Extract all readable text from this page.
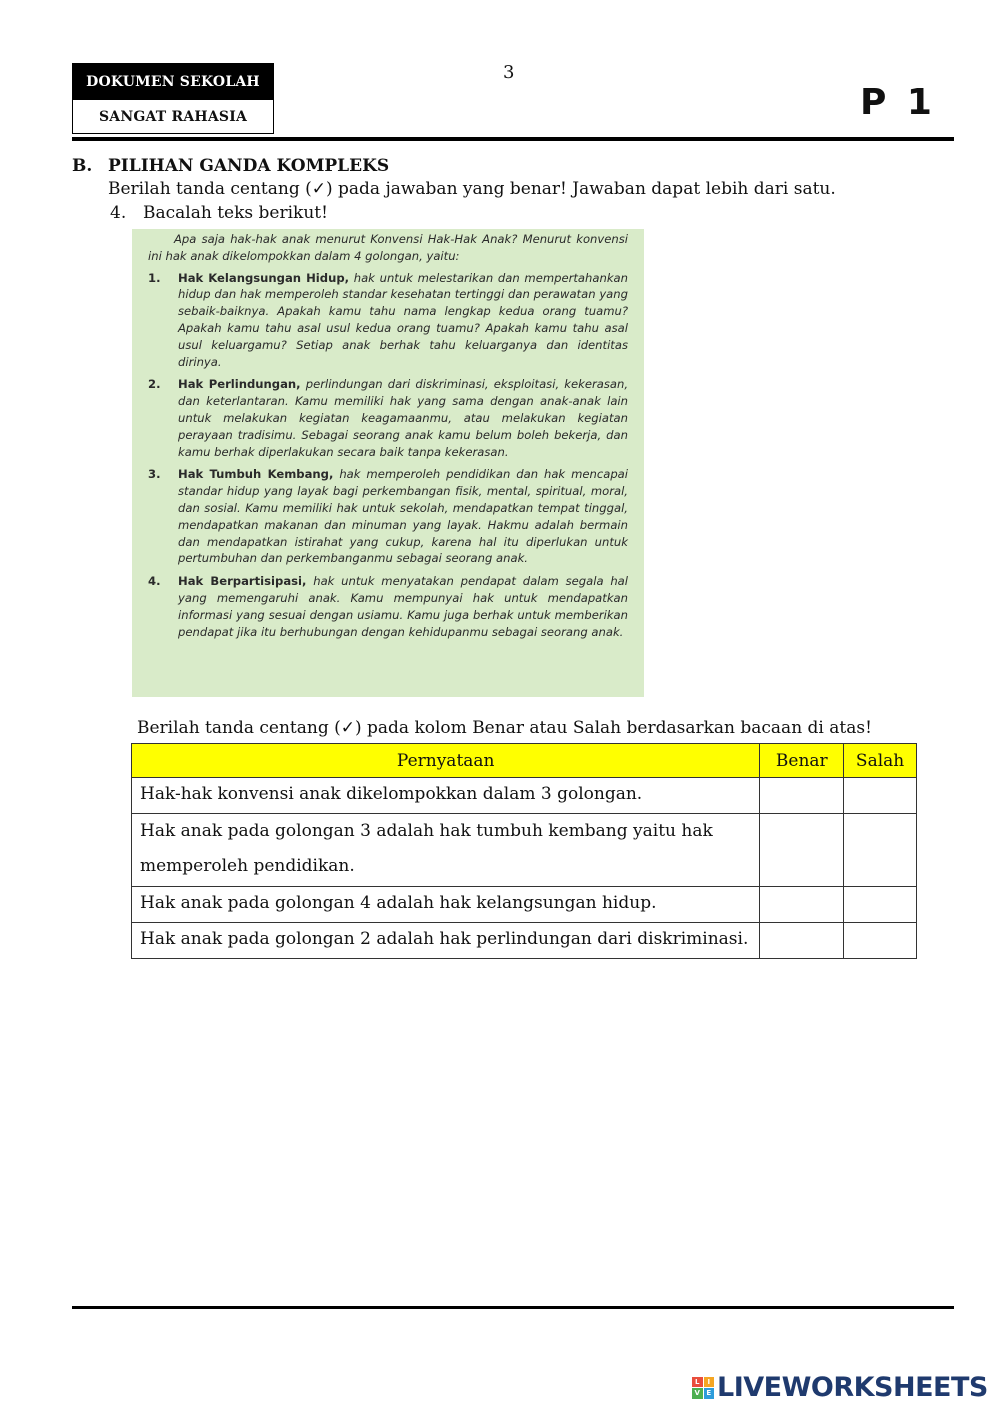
DOKUMEN SEKOLAH
SANGAT RAHASIA
3
P 1
B. PILIHAN GANDA KOMPLEKS
Berilah tanda centang (✓) pada jawaban yang benar! Jawaban dapat lebih dari satu.
4. Bacalah teks berikut!

Apa saja hak-hak anak menurut Konvensi Hak-Hak Anak? Menurut konvensi ini hak anak dikelompokkan dalam 4 golongan, yaitu:

1.	Hak Kelangsungan Hidup, hak untuk melestarikan dan mempertahankan hidup dan hak memperoleh standar kesehatan tertinggi dan perawatan yang sebaik-baiknya. Apakah kamu tahu nama lengkap kedua orang tuamu? Apakah kamu tahu asal usul kedua orang tuamu? Apakah kamu tahu asal usul keluargamu? Setiap anak berhak tahu keluarganya dan identitas dirinya.
2.	Hak Perlindungan, perlindungan dari diskriminasi, eksploitasi, kekerasan, dan keterlantaran. Kamu memiliki hak yang sama dengan anak-anak lain untuk melakukan kegiatan keagamaanmu, atau melakukan kegiatan perayaan tradisimu. Sebagai seorang anak kamu belum boleh bekerja, dan kamu berhak diperlakukan secara baik tanpa kekerasan.
3.	Hak Tumbuh Kembang, hak memperoleh pendidikan dan hak mencapai standar hidup yang layak bagi perkembangan fisik, mental, spiritual, moral, dan sosial. Kamu memiliki hak untuk sekolah, mendapatkan tempat tinggal, mendapatkan makanan dan minuman yang layak. Hakmu adalah bermain dan mendapatkan istirahat yang cukup, karena hal itu diperlukan untuk pertumbuhan dan perkembanganmu sebagai seorang anak.
4.	Hak Berpartisipasi, hak untuk menyatakan pendapat dalam segala hal yang memengaruhi anak. Kamu mempunyai hak untuk mendapatkan informasi yang sesuai dengan usiamu. Kamu juga berhak untuk memberikan pendapat jika itu berhubungan dengan kehidupanmu sebagai seorang anak.
Berilah tanda centang (✓) pada kolom Benar atau Salah berdasarkan bacaan di atas!
Pernyataan	Benar	Salah
Hak-hak konvensi anak dikelompokkan dalam 3 golongan.		
Hak anak pada golongan 3 adalah hak tumbuh kembang yaitu hak memperoleh pendidikan.		
Hak anak pada golongan 4 adalah hak kelangsungan hidup.		
Hak anak pada golongan 2 adalah hak perlindungan dari diskriminasi.		
L	I
V E LIVEWORKSHEETS
